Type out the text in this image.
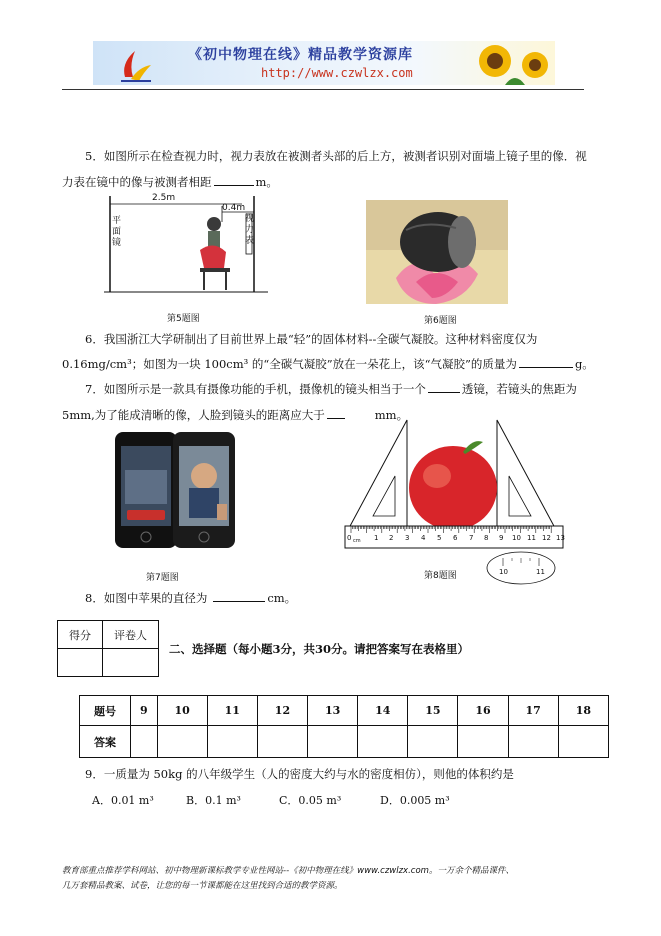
《初中物理在线》精品教学资源库
http://www.czwlzx.com
5．如图所示在检查视力时，视力表放在被测者头部的后上方，被测者识别对面墙上镜子里的像．视
力表在镜中的像与被测者相距	m。
2.5m
0.4m
平面镜
视力表
第5题图	第6题图
6．我国浙江大学研制出了目前世界上最“轻”的固体材料--全碳气凝胶。这种材料密度仅为
0.16mg/cm³；如图为一块 100cm³ 的“全碳气凝胶”放在一朵花上，该“气凝胶”的质量为	g。
7．如图所示是一款具有摄像功能的手机，摄像机的镜头相当于一个	透镜，若镜头的焦距为
5mm,为了能成清晰的像，人脸到镜头的距离应大于	mm。
第7题图
0 cm 1 2 3 4 5 6 7 8 9 10 11 12 13
10	11
第8题图
8．如图中苹果的直径为	cm。
得分	评卷人

二、选择题（每小题3分，共30分。请把答案写在表格里）
题号	9	10	11	12	13	14	15	16	17	18
答案										
9．一质量为 50kg 的八年级学生（人的密度大约与水的密度相仿），则他的体积约是
A．0.01 m³	B．0.1 m³	C．0.05 m³	D．0.005 m³
教育部重点推荐学科网站、初中物理新课标教学专业性网站--《初中物理在线》www.czwlzx.com。一万余个精品课件、
几万套精品教案、试卷，让您的每一节课都能在这里找到合适的教学资源。
